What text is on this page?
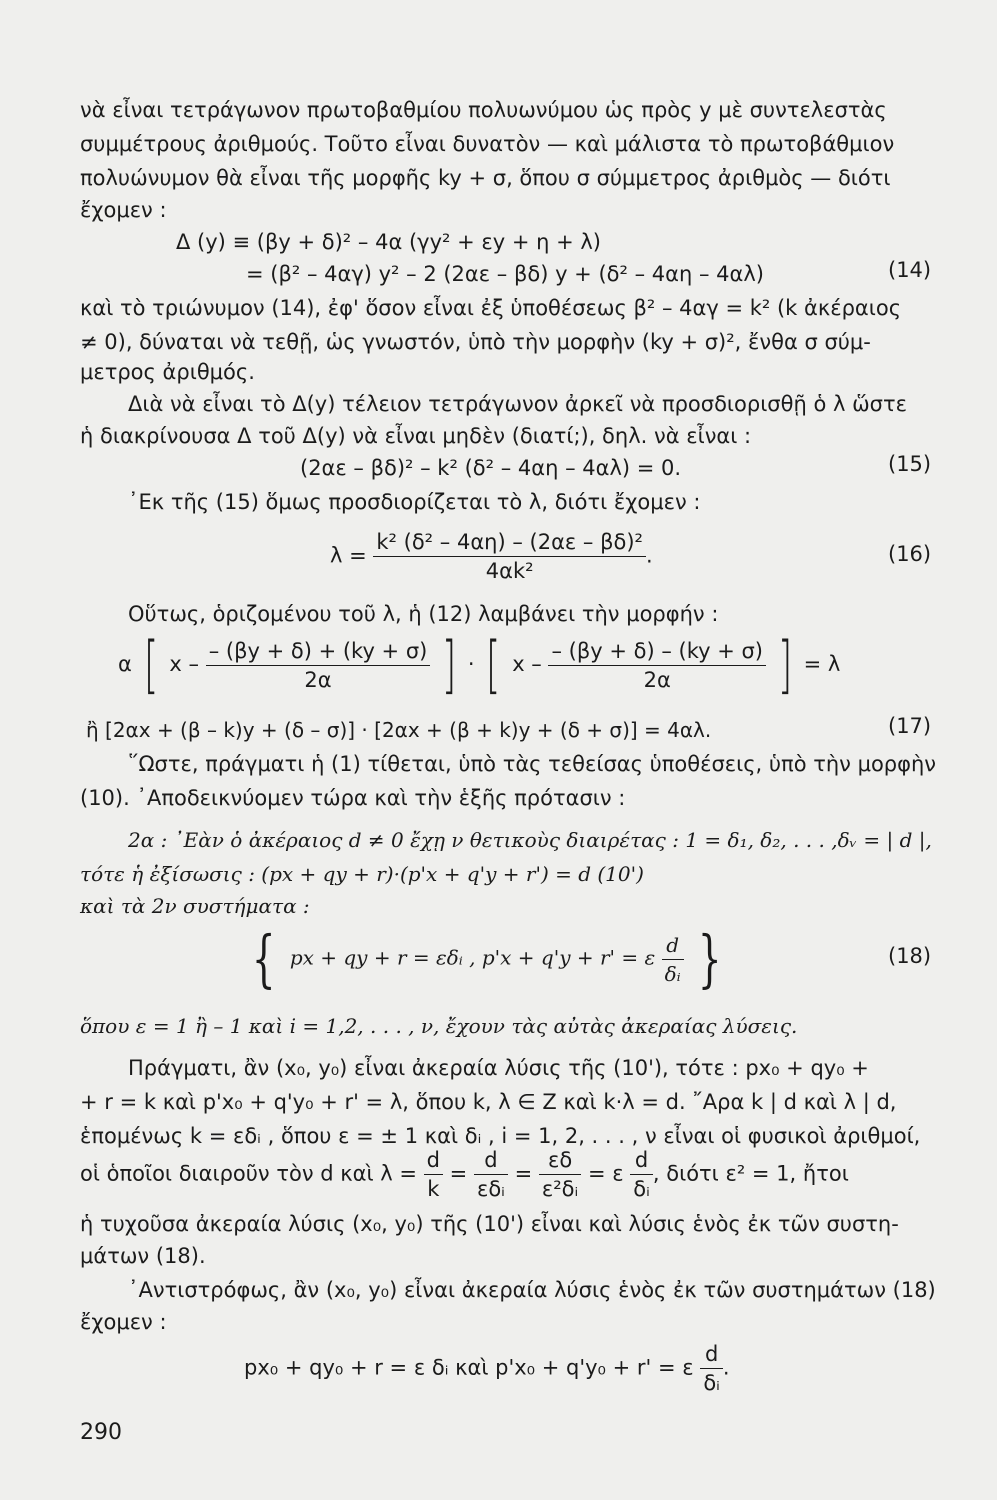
νὰ εἶναι τετράγωνον πρωτοβαθμίου πολυωνύμου ὡς πρὸς y μὲ συντελεστὰς
συμμέτρους ἀριθμούς. Τοῦτο εἶναι δυνατὸν — καὶ μάλιστα τὸ πρωτοβάθμιον
πολυώνυμον θὰ εἶναι τῆς μορφῆς ky + σ, ὅπου σ σύμμετρος ἀριθμὸς — διότι
ἔχομεν :
Δ (y) ≡ (βy + δ)² – 4α (γy² + εy + η + λ)
= (β² – 4αγ) y² – 2 (2αε – βδ) y + (δ² – 4αη – 4αλ)	(14)
καὶ τὸ τριώνυμον (14), ἐφ' ὅσον εἶναι ἐξ ὑποθέσεως β² – 4αγ = k² (k ἀκέραιος
≠ 0), δύναται νὰ τεθῇ, ὡς γνωστόν, ὑπὸ τὴν μορφὴν (ky + σ)², ἔνθα σ σύμ-
μετρος ἀριθμός.
Διὰ νὰ εἶναι τὸ Δ(y) τέλειον τετράγωνον ἀρκεῖ νὰ προσδιορισθῇ ὁ λ ὥστε
ἡ διακρίνουσα Δ τοῦ Δ(y) νὰ εἶναι μηδὲν (διατί;), δηλ. νὰ εἶναι :
(2αε – βδ)² – k² (δ² – 4αη – 4αλ) = 0.	(15)
᾿Εκ τῆς (15) ὅμως προσδιορίζεται τὸ λ, διότι ἔχομεν :
$\lambda = \frac{\text{k² (δ² – 4αη) – (2αε – βδ)²}}{\text{4αk²}}$ .	(16)
Οὕτως, ὁριζομένου τοῦ λ, ἡ (12) λαμβάνει τὴν μορφήν :
α [ x – $\frac{- (\beta y + \delta) + (ky + \sigma)}{2\alpha}$ ] · [ x – $\frac{- (\beta y + \delta) - (ky + \sigma)}{2\alpha}$ ] = λ
ἢ [2αx + (β – k)y + (δ – σ)] · [2αx + (β + k)y + (δ + σ)] = 4αλ.	(17)
῞Ωστε, πράγματι ἡ (1) τίθεται, ὑπὸ τὰς τεθείσας ὑποθέσεις, ὑπὸ τὴν μορφὴν
(10). ᾿Αποδεικνύομεν τώρα καὶ τὴν ἑξῆς πρότασιν :
2α : ᾿Εὰν ὁ ἀκέραιος d ≠ 0 ἔχῃ ν θετικοὺς διαιρέτας : 1 = δ₁, δ₂, . . . ,δᵥ = | d |,
τότε ἡ ἐξίσωσις : (px + qy + r)·(p'x + q'y + r') = d (10')
καὶ τὰ 2ν συστήματα :
{ px + qy + r = εδᵢ , p'x + q'y + r' = ε $\frac{d}{\text{δᵢ}}$ }	(18)
ὅπου ε = 1 ἢ – 1 καὶ i = 1,2, . . . , ν, ἔχουν τὰς αὐτὰς ἀκεραίας λύσεις.
Πράγματι, ἂν (x₀, y₀) εἶναι ἀκεραία λύσις τῆς (10'), τότε : px₀ + qy₀ +
+ r = k καὶ p'x₀ + q'y₀ + r' = λ, ὅπου k, λ ∈ Z καὶ k·λ = d. ῎Αρα k | d καὶ λ | d,
ἑπομένως k = εδᵢ , ὅπου ε = ± 1 καὶ δᵢ , i = 1, 2, . . . , ν εἶναι οἱ φυσικοὶ ἀριθμοί,
οἱ ὁποῖοι διαιροῦν τὸν d καὶ $\lambda = \frac{d}{k} = \frac{d}{\text{εδᵢ}} = \frac{\varepsilon\delta}{\text{ε²δᵢ}} = \varepsilon \frac{d}{\text{δᵢ}}$ , διότι ε² = 1, ἤτοι
ἡ τυχοῦσα ἀκεραία λύσις (x₀, y₀) τῆς (10') εἶναι καὶ λύσις ἑνὸς ἐκ τῶν συστη-
μάτων (18).
᾿Αντιστρόφως, ἂν (x₀, y₀) εἶναι ἀκεραία λύσις ἑνὸς ἐκ τῶν συστημάτων (18)
ἔχομεν :
px₀ + qy₀ + r = ε δᵢ καὶ p'x₀ + q'y₀ + r' = ε $\frac{d}{\text{δᵢ}}$ .
290
